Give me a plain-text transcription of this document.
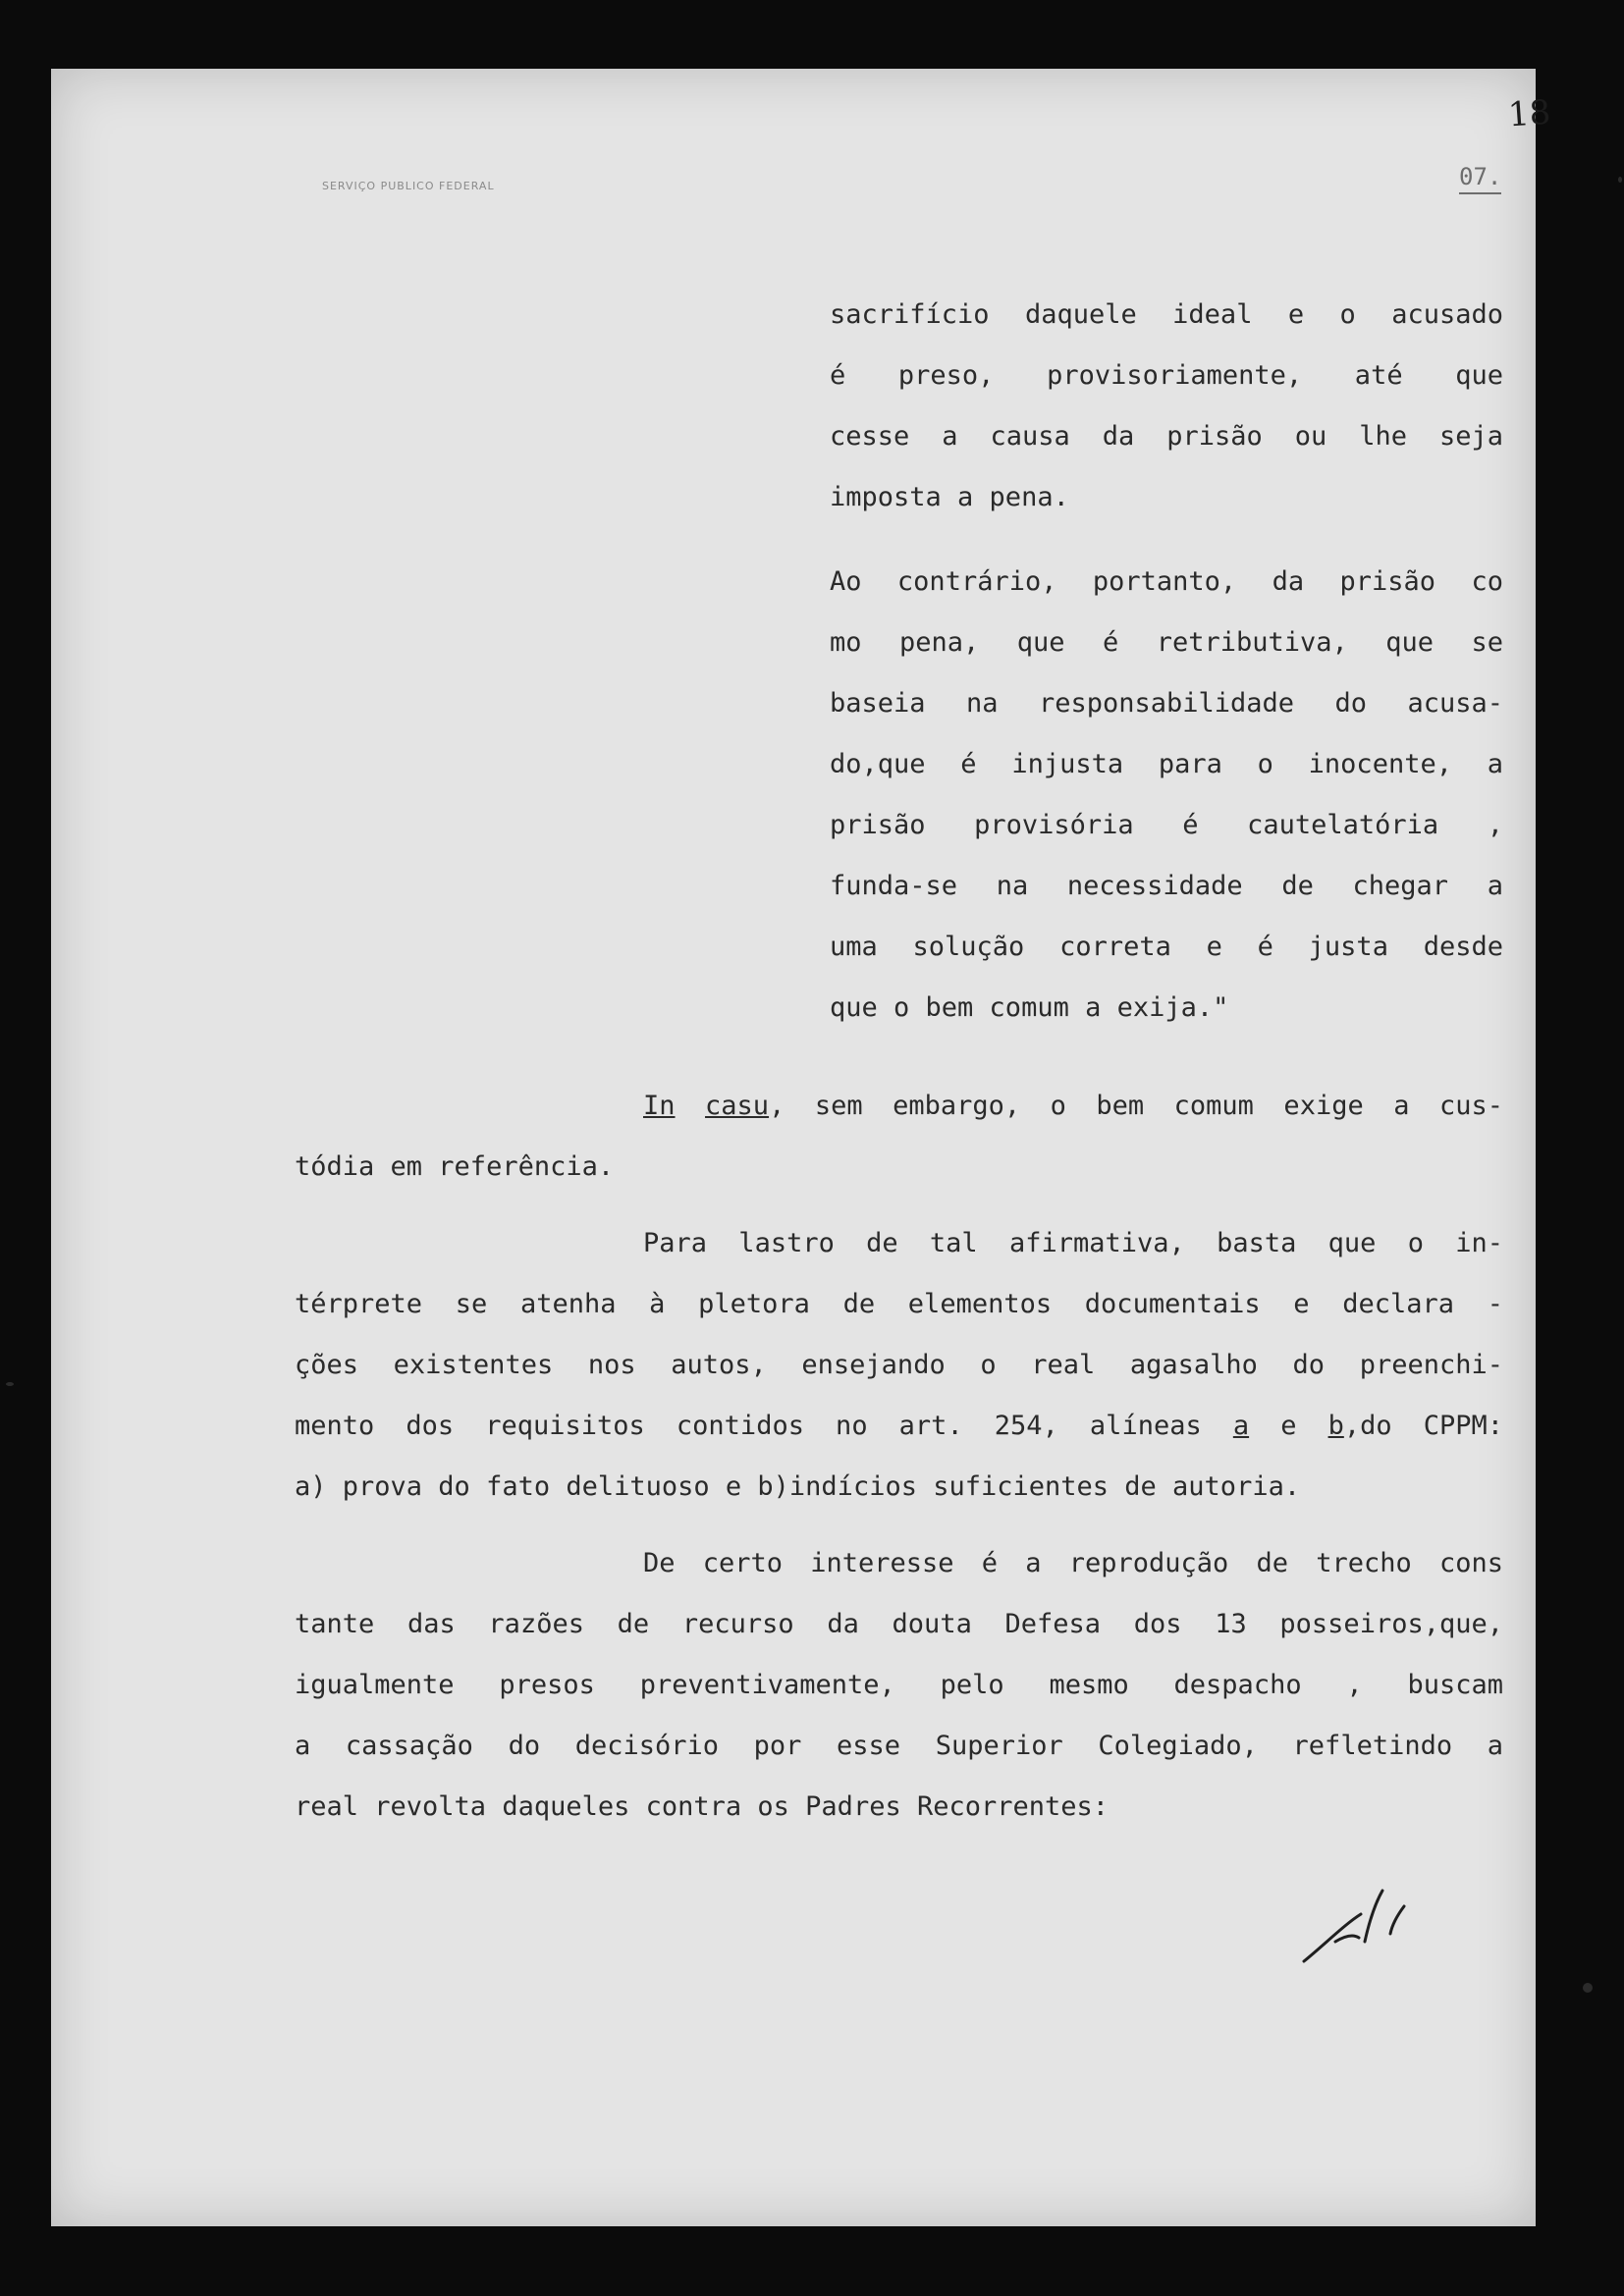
SERVIÇO PUBLICO FEDERAL
18
07.
sacrifício daquele ideal e o acusado
é preso, provisoriamente, até que
cesse a causa da prisão ou lhe seja
imposta a pena.
Ao contrário, portanto, da prisão co
mo pena, que é retributiva, que se
baseia na responsabilidade do acusa-
do,que é injusta para o inocente, a
prisão provisória é cautelatória ,
funda-se na necessidade de chegar a
uma solução correta e é justa desde
que o bem comum a exija."
In casu, sem embargo, o bem comum exige a cus-
tódia em referência.
Para lastro de tal afirmativa, basta que o in-
térprete se atenha à pletora de elementos documentais e declara -
ções existentes nos autos, ensejando o real agasalho do preenchi-
mento dos requisitos contidos no art. 254, alíneas a e b,do CPPM:
a) prova do fato delituoso e b)indícios suficientes de autoria.
De certo interesse é a reprodução de trecho cons
tante das razões de recurso da douta Defesa dos 13 posseiros,que,
igualmente presos preventivamente, pelo mesmo despacho , buscam
a cassação do decisório por esse Superior Colegiado, refletindo a
real revolta daqueles contra os Padres Recorrentes:
